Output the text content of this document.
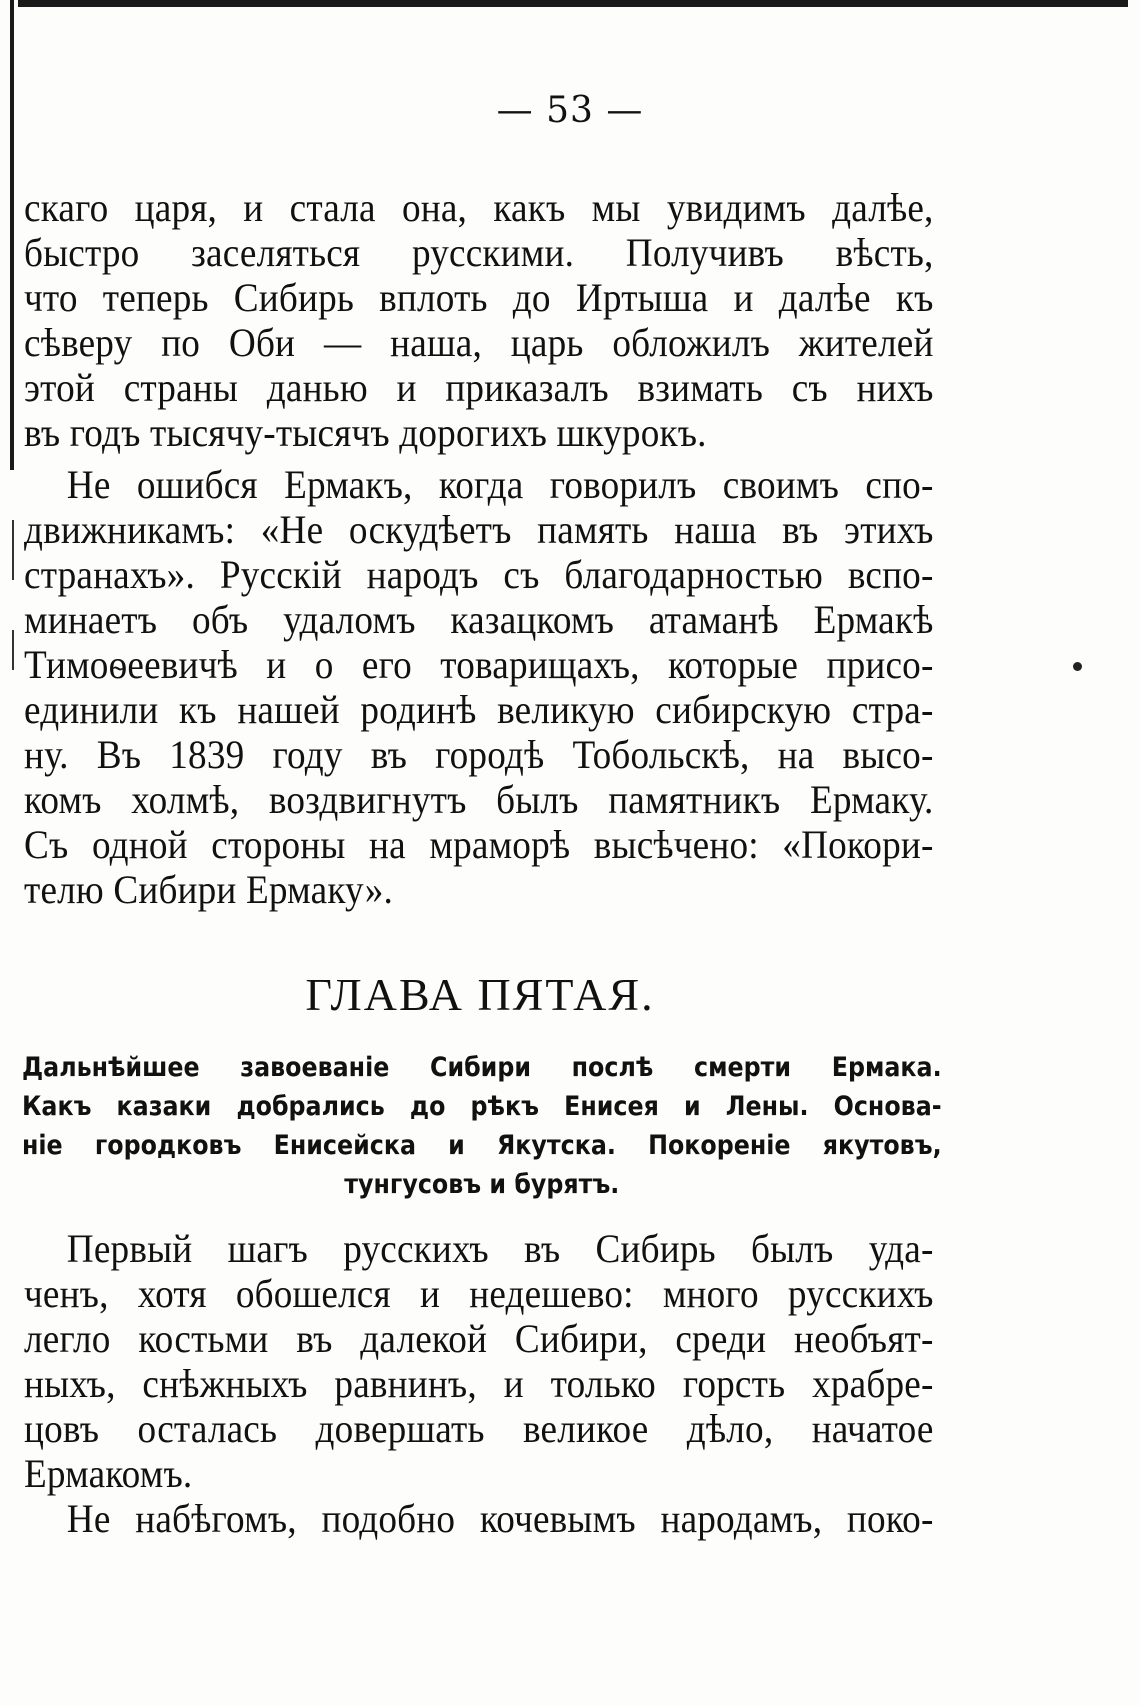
— 53 —
скаго царя, и стала она, какъ мы увидимъ далѣе,
быстро заселяться русскими. Получивъ вѣсть,
что теперь Сибирь вплоть до Иртыша и далѣе къ
сѣверу по Оби — наша, царь обложилъ жителей
этой страны данью и приказалъ взимать съ нихъ
въ годъ тысячу-тысячъ дорогихъ шкурокъ.
Не ошибся Ермакъ, когда говорилъ своимъ спо-
движникамъ: «Не оскудѣетъ память наша въ этихъ
странахъ». Русскій народъ съ благодарностью вспо-
минаетъ объ удаломъ казацкомъ атаманѣ Ермакѣ
Тимоѳеевичѣ и о его товарищахъ, которые присо-
единили къ нашей родинѣ великую сибирскую стра-
ну. Въ 1839 году въ городѣ Тобольскѣ, на высо-
комъ холмѣ, воздвигнутъ былъ памятникъ Ермаку.
Съ одной стороны на мраморѣ высѣчено: «Покори-
телю Сибири Ермаку».
ГЛАВА ПЯТАЯ.
Дальнѣйшее завоеваніе Сибири послѣ смерти Ермака.
Какъ казаки добрались до рѣкъ Енисея и Лены. Основа-
ніе городковъ Енисейска и Якутска. Покореніе якутовъ,
тунгусовъ и бурятъ.
Первый шагъ русскихъ въ Сибирь былъ уда-
ченъ, хотя обошелся и недешево: много русскихъ
легло костьми въ далекой Сибири, среди необъят-
ныхъ, снѣжныхъ равнинъ, и только горсть храбре-
цовъ осталась довершать великое дѣло, начатое
Ермакомъ.
Не набѣгомъ, подобно кочевымъ народамъ, поко-
